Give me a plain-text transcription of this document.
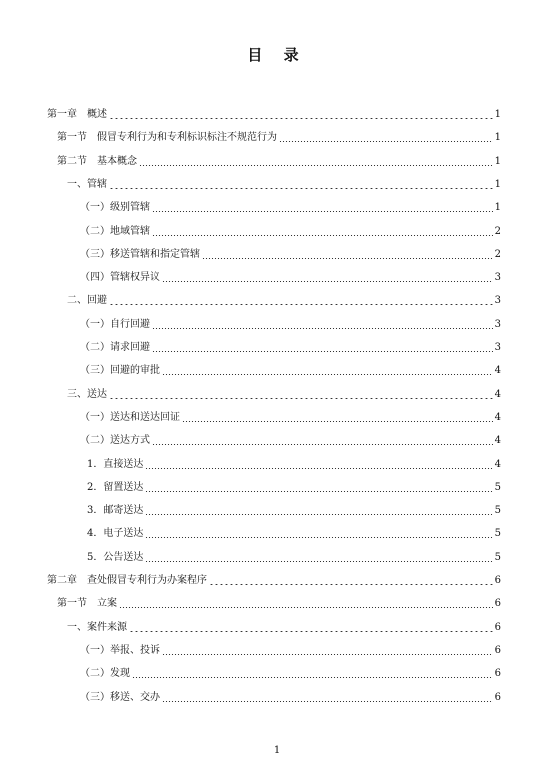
目 录
第一章　概述	1
第一节　假冒专利行为和专利标识标注不规范行为	1
第二节　基本概念	1
一、管辖	1
（一）级别管辖	1
（二）地域管辖	2
（三）移送管辖和指定管辖	2
（四）管辖权异议	3
二、回避	3
（一）自行回避	3
（二）请求回避	3
（三）回避的审批	4
三、送达	4
（一）送达和送达回证	4
（二）送达方式	4
1．直接送达	4
2．留置送达	5
3．邮寄送达	5
4．电子送达	5
5．公告送达	5
第二章　查处假冒专利行为办案程序	6
第一节　立案	6
一、案件来源	6
（一）举报、投诉	6
（二）发现	6
（三）移送、交办	6
1
